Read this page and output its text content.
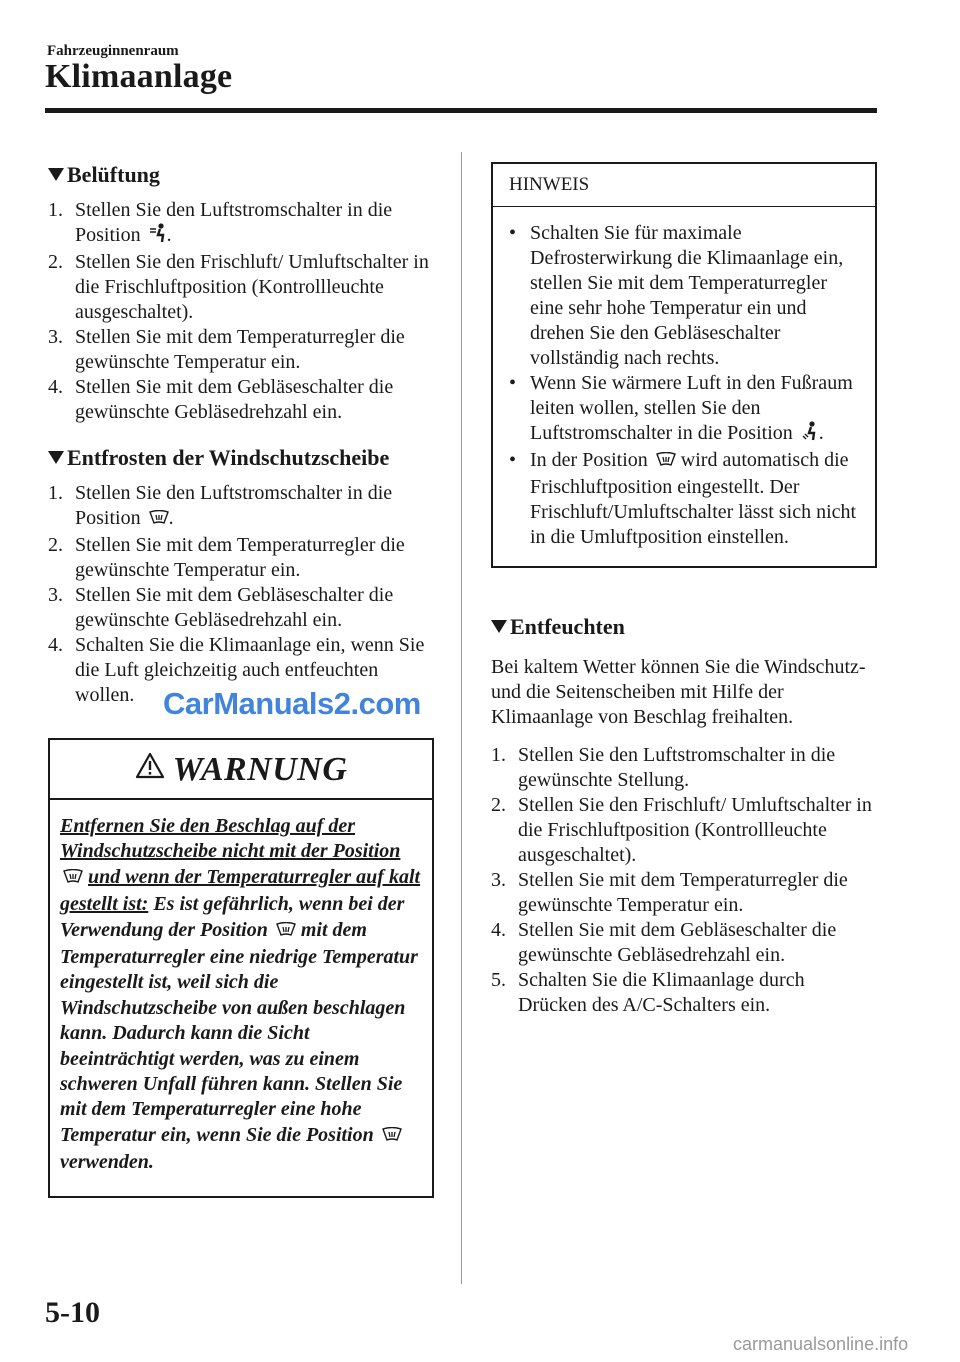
Fahrzeuginnenraum
Klimaanlage
Belüftung
1. Stellen Sie den Luftstromschalter in die Position .
2. Stellen Sie den Frischluft/ Umluftschalter in die Frischluftposition (Kontrollleuchte ausgeschaltet).
3. Stellen Sie mit dem Temperaturregler die gewünschte Temperatur ein.
4. Stellen Sie mit dem Gebläseschalter die gewünschte Gebläsedrehzahl ein.
Entfrosten der Windschutzscheibe
1. Stellen Sie den Luftstromschalter in die Position .
2. Stellen Sie mit dem Temperaturregler die gewünschte Temperatur ein.
3. Stellen Sie mit dem Gebläseschalter die gewünschte Gebläsedrehzahl ein.
4. Schalten Sie die Klimaanlage ein, wenn Sie die Luft gleichzeitig auch entfeuchten wollen.
WARNUNG
Entfernen Sie den Beschlag auf der Windschutzscheibe nicht mit der Position  und wenn der Temperaturregler auf kalt gestellt ist: Es ist gefährlich, wenn bei der Verwendung der Position mit dem Temperaturregler eine niedrige Temperatur eingestellt ist, weil sich die Windschutzscheibe von außen beschlagen kann. Dadurch kann die Sicht beeinträchtigt werden, was zu einem schweren Unfall führen kann. Stellen Sie mit dem Temperaturregler eine hohe Temperatur ein, wenn Sie die Position  verwenden.
HINWEIS
• Schalten Sie für maximale Defrosterwirkung die Klimaanlage ein, stellen Sie mit dem Temperaturregler eine sehr hohe Temperatur ein und drehen Sie den Gebläseschalter vollständig nach rechts.
• Wenn Sie wärmere Luft in den Fußraum leiten wollen, stellen Sie den Luftstromschalter in die Position .
• In der Position wird automatisch die Frischluftposition eingestellt. Der Frischluft/Umluftschalter lässt sich nicht in die Umluftposition einstellen.
Entfeuchten

Bei kaltem Wetter können Sie die Windschutz- und die Seitenscheiben mit Hilfe der Klimaanlage von Beschlag freihalten.

1. Stellen Sie den Luftstromschalter in die gewünschte Stellung.
2. Stellen Sie den Frischluft/ Umluftschalter in die Frischluftposition (Kontrollleuchte ausgeschaltet).
3. Stellen Sie mit dem Temperaturregler die gewünschte Temperatur ein.
4. Stellen Sie mit dem Gebläseschalter die gewünschte Gebläsedrehzahl ein.
5. Schalten Sie die Klimaanlage durch Drücken des A/C-Schalters ein.
CarManuals2.com
5-10
carmanualsonline.info
